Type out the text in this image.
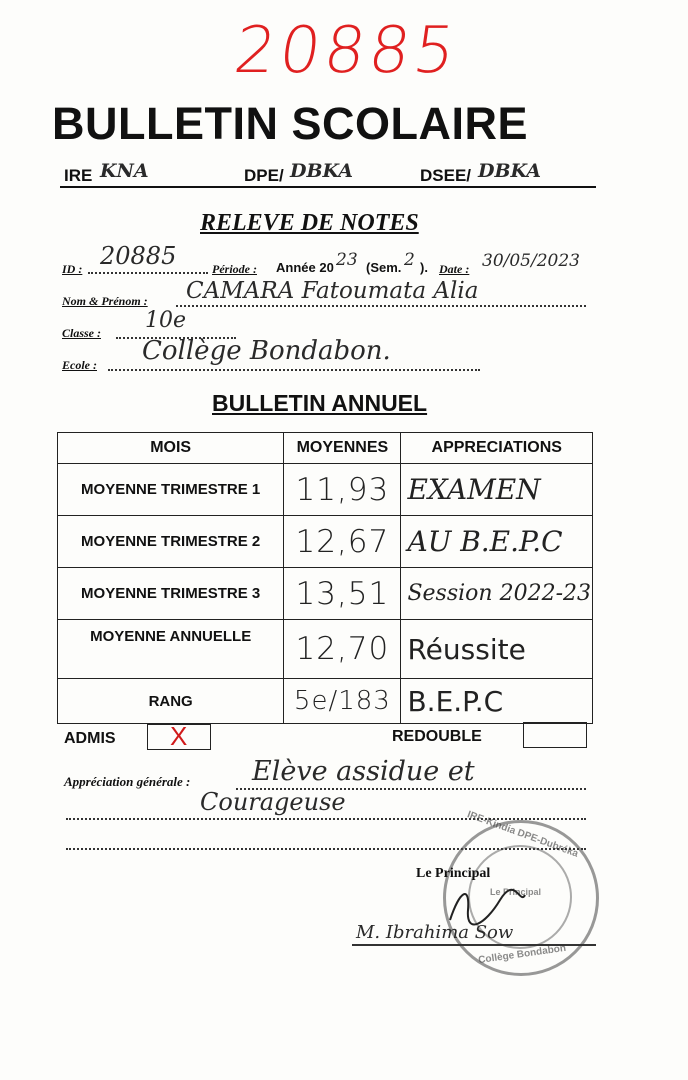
20885
BULLETIN SCOLAIRE
IRE KNA	DPE/ DBKA	DSEE/ DBKA
RELEVE DE NOTES
ID : 20885	Période : Année 20 23 (Sem. 2 ). Date : 30/05/2023
Nom & Prénom : CAMARA Fatoumata Alia
Classe : 10e
Ecole : Collège Bondabon.
BULLETIN ANNUEL
MOIS	MOYENNES	APPRECIATIONS
MOYENNE TRIMESTRE 1	11,93	EXAMEN
MOYENNE TRIMESTRE 2	12,67	AU B.E.P.C
MOYENNE TRIMESTRE 3	13,51	Session 2022-23
MOYENNE ANNUELLE	12,70	Réussite
RANG	5e/183	B.E.P.C
ADMIS X	REDOUBLE
Appréciation générale : Elève assidue et
Courageuse
IRE-Kindia DPE-Dubréka
Le Principal
Collège Bondabon
Le Principal
M. Ibrahima Sow
